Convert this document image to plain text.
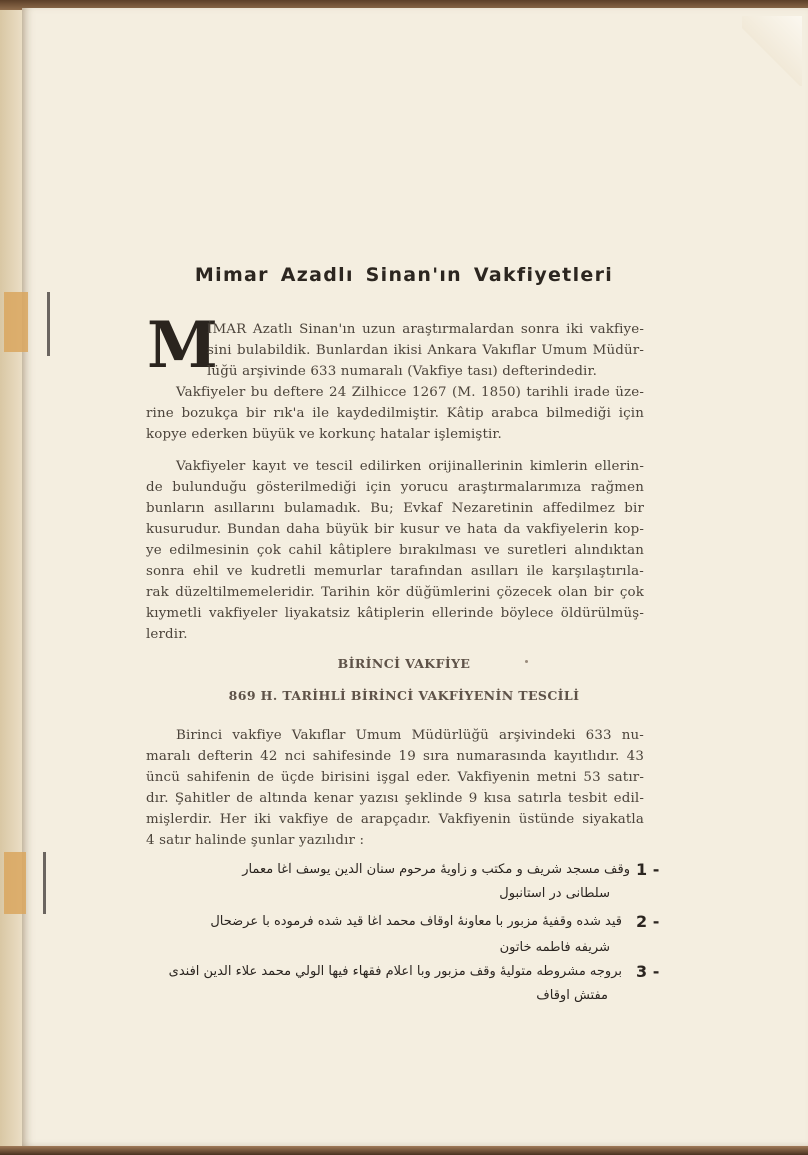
Mimar Azadlı Sinan'ın Vakfiyetleri
M
İMAR Azatlı Sinan'ın uzun araştırmalardan sonra iki vakfiye-
sini bulabildik. Bunlardan ikisi Ankara Vakıflar Umum Müdür-
lüğü arşivinde 633 numaralı (Vakfiye tası) defterindedir.
Vakfiyeler bu deftere 24 Zilhicce 1267 (M. 1850) tarihli irade üze-
rine bozukça bir rık'a ile kaydedilmiştir. Kâtip arabca bilmediği için
kopye ederken büyük ve korkunç hatalar işlemiştir.
Vakfiyeler kayıt ve tescil edilirken orijinallerinin kimlerin ellerin-
de bulunduğu gösterilmediği için yorucu araştırmalarımıza rağmen
bunların asıllarını bulamadık. Bu; Evkaf Nezaretinin affedilmez bir
kusurudur. Bundan daha büyük bir kusur ve hata da vakfiyelerin kop-
ye edilmesinin çok cahil kâtiplere bırakılması ve suretleri alındıktan
sonra ehil ve kudretli memurlar tarafından asılları ile karşılaştırıla-
rak düzeltilmemeleridir. Tarihin kör düğümlerini çözecek olan bir çok
kıymetli vakfiyeler liyakatsiz kâtiplerin ellerinde böylece öldürülmüş-
lerdir.
BİRİNCİ VAKFİYE
869 H. TARİHLİ BİRİNCİ VAKFİYENİN TESCİLİ
Birinci vakfiye Vakıflar Umum Müdürlüğü arşivindeki 633 nu-
maralı defterin 42 nci sahifesinde 19 sıra numarasında kayıtlıdır. 43
üncü sahifenin de üçde birisini işgal eder. Vakfiyenin metni 53 satır-
dır. Şahitler de altında kenar yazısı şeklinde 9 kısa satırla tesbit edil-
mişlerdir. Her iki vakfiye de arapçadır. Vakfiyenin üstünde siyakatla
4 satır halinde şunlar yazılıdır :
1 -
وقف مسجد شريف و مكتب و زاويهٔ مرحوم سنان الدين يوسف آغا معمار
سلطانی در استانبول
2 -
قيد شده وقفيهٔ مزبور با معاونهٔ اوقاف محمد آغا قيد شده فرموده با عرضحال
شريفه فاطمه خاتون
3 -
بروجه مشروطه متوليهٔ وقف مزبور وبا اعلام فقهاء فيها الولي محمد علاء الدين افندی
مفتش اوقاف
